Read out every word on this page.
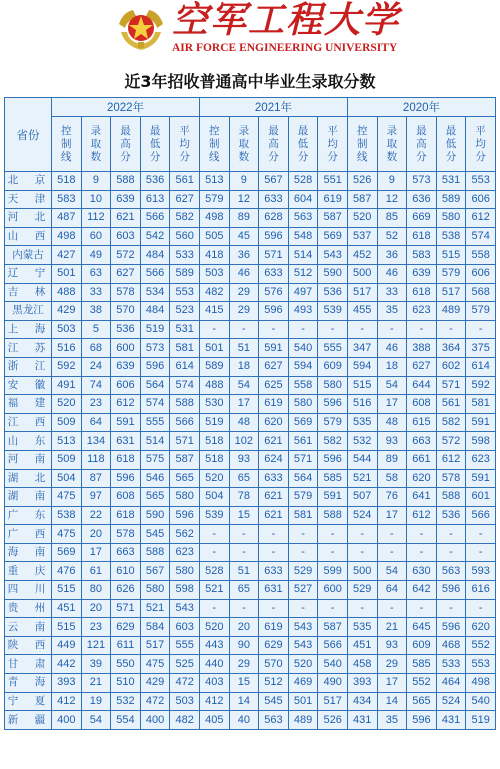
空军工程大学
AIR FORCE ENGINEERING UNIVERSITY
近3年招收普通高中毕业生录取分数
省份	2022年					2021年					2020年				

	控制线	录取数	最高分	最低分	平均分	控制线	录取数	最高分	最低分	平均分	控制线	录取数	最高分	最低分	平均分

北　京	518	9	588	536	561	513	9	567	528	551	526	9	573	531	553
天　津	583	10	639	613	627	579	12	633	604	619	587	12	636	589	606
河　北	487	112	621	566	582	498	89	628	563	587	520	85	669	580	612
山　西	498	60	603	542	560	505	45	596	548	569	537	52	618	538	574
内蒙古	427	49	572	484	533	418	36	571	514	543	452	36	583	515	558
辽　宁	501	63	627	566	589	503	46	633	512	590	500	46	639	579	606
吉　林	488	33	578	534	553	482	29	576	497	536	517	33	618	517	568
黑龙江	429	38	570	484	523	415	29	596	493	539	455	35	623	489	579
上　海	503	5	536	519	531	-	-	-	-	-	-	-	-	-	-
江　苏	516	68	600	573	581	501	51	591	540	555	347	46	388	364	375
浙　江	592	24	639	596	614	589	18	627	594	609	594	18	627	602	614
安　徽	491	74	606	564	574	488	54	625	558	580	515	54	644	571	592
福　建	520	23	612	574	588	530	17	619	580	596	516	17	608	561	581
江　西	509	64	591	555	566	519	48	620	569	579	535	48	615	582	591
山　东	513	134	631	514	571	518	102	621	561	582	532	93	663	572	598
河　南	509	118	618	575	587	518	93	624	571	596	544	89	661	612	623
湖　北	504	87	596	546	565	520	65	633	564	585	521	58	620	578	591
湖　南	475	97	608	565	580	504	78	621	579	591	507	76	641	588	601
广　东	538	22	618	590	596	539	15	621	581	588	524	17	612	536	566
广　西	475	20	578	545	562	-	-	-	-	-	-	-	-	-	-
海　南	569	17	663	588	623	-	-	-	-	-	-	-	-	-	-
重　庆	476	61	610	567	580	528	51	633	529	599	500	54	630	563	593
四　川	515	80	626	580	598	521	65	631	527	600	529	64	642	596	616
贵　州	451	20	571	521	543	-	-	-	-	-	-	-	-	-	-
云　南	515	23	629	584	603	520	20	619	543	587	535	21	645	596	620
陕　西	449	121	611	517	555	443	90	629	543	566	451	93	609	468	552
甘　肃	442	39	550	475	525	440	29	570	520	540	458	29	585	533	553
青　海	393	21	510	429	472	403	15	512	469	490	393	17	552	464	498
宁　夏	412	19	532	472	503	412	14	545	501	517	434	14	565	524	540
新　疆	400	54	554	400	482	405	40	563	489	526	431	35	596	431	519
